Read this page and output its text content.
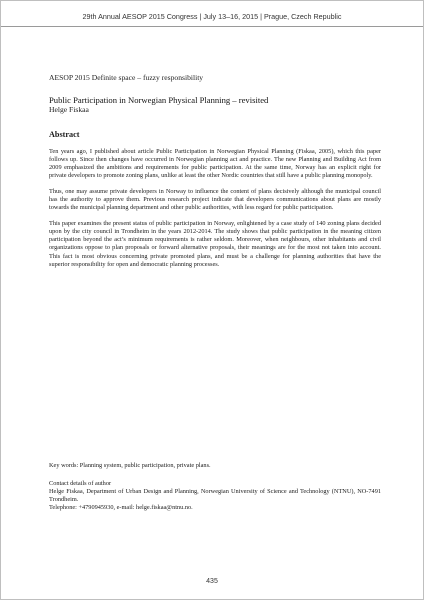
29th Annual AESOP 2015 Congress | July 13–16, 2015 | Prague, Czech Republic
AESOP 2015 Definite space – fuzzy responsibility
Public Participation in Norwegian Physical Planning – revisited
Helge Fiskaa
Abstract

Ten years ago, I published about article Public Participation in Norwegian Physical Planning (Fiskaa, 2005), which this paper follows up. Since then changes have occurred in Norwegian planning act and practice. The new Planning and Building Act from 2009 emphasized the ambitions and requirements for public participation. At the same time, Norway has an explicit right for private developers to promote zoning plans, unlike at least the other Nordic countries that still have a public planning monopoly.

Thus, one may assume private developers in Norway to influence the content of plans decisively although the municipal council has the authority to approve them. Previous research project indicate that developers communications about plans are mostly towards the municipal planning department and other public authorities, with less regard for public participation.

This paper examines the present status of public participation in Norway, enlightened by a case study of 140 zoning plans decided upon by the city council in Trondheim in the years 2012-2014. The study shows that public participation in the meaning citizen participation beyond the act’s minimum requirements is rather seldom. Moreover, when neighbours, other inhabitants and civil organizations oppose to plan proposals or forward alternative proposals, their meanings are for the most not taken into account. This fact is most obvious concerning private promoted plans, and must be a challenge for planning authorities that have the superior responsibility for open and democratic planning processes.

Key words: Planning system, public participation, private plans.
Contact details of author
Helge Fiskaa, Department of Urban Design and Planning, Norwegian University of Science and Technology (NTNU), NO-7491 Trondheim.
Telephone: +4790945930, e-mail: helge.fiskaa@ntnu.no.
435
